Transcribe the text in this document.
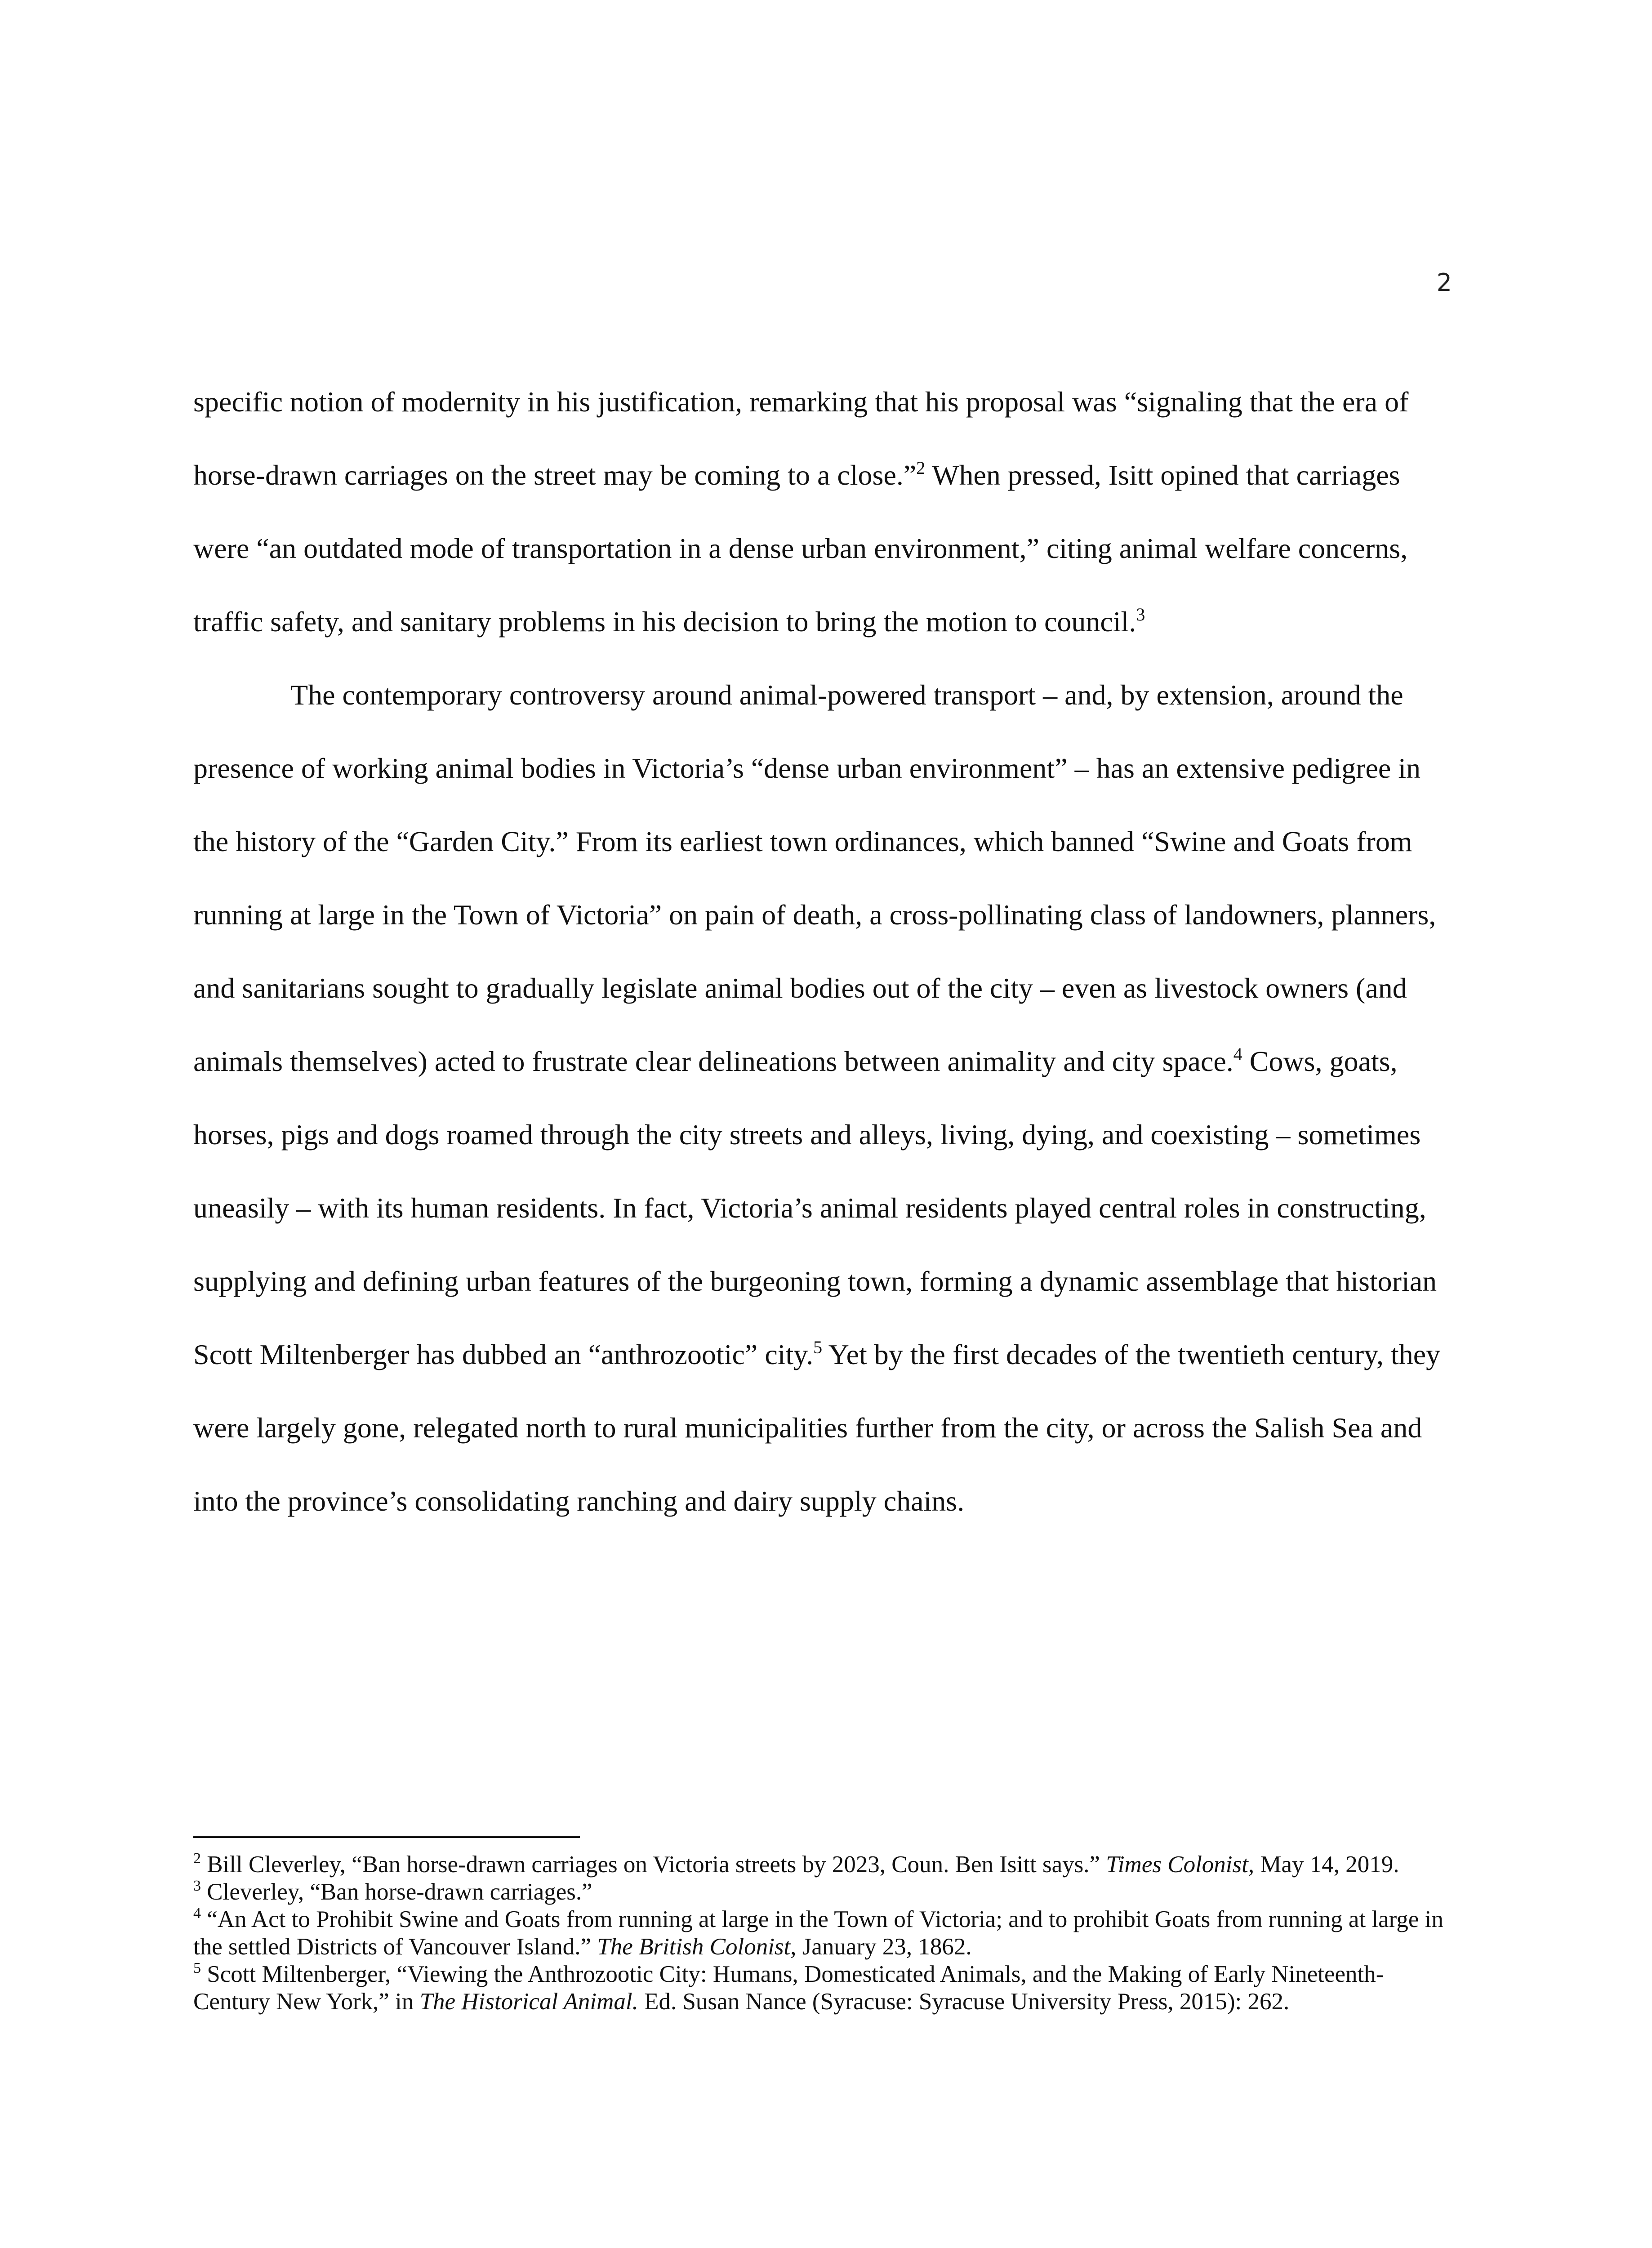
2

specific notion of modernity in his justification, remarking that his proposal was “signaling that the era of horse-drawn carriages on the street may be coming to a close.”$^2$ When pressed, Isitt opined that carriages were “an outdated mode of transportation in a dense urban environment,” citing animal welfare concerns, traffic safety, and sanitary problems in his decision to bring the motion to council.$^3$

The contemporary controversy around animal-powered transport – and, by extension, around the presence of working animal bodies in Victoria’s “dense urban environment” – has an extensive pedigree in the history of the “Garden City.” From its earliest town ordinances, which banned “Swine and Goats from running at large in the Town of Victoria” on pain of death, a cross-pollinating class of landowners, planners, and sanitarians sought to gradually legislate animal bodies out of the city – even as livestock owners (and animals themselves) acted to frustrate clear delineations between animality and city space.$^4$ Cows, goats, horses, pigs and dogs roamed through the city streets and alleys, living, dying, and coexisting – sometimes uneasily – with its human residents. In fact, Victoria’s animal residents played central roles in constructing, supplying and defining urban features of the burgeoning town, forming a dynamic assemblage that historian Scott Miltenberger has dubbed an “anthrozootic” city.$^5$ Yet by the first decades of the twentieth century, they were largely gone, relegated north to rural municipalities further from the city, or across the Salish Sea and into the province’s consolidating ranching and dairy supply chains.

$^2$ Bill Cleverley, “Ban horse-drawn carriages on Victoria streets by 2023, Coun. Ben Isitt says.” Times Colonist, May 14, 2019.

$^3$ Cleverley, “Ban horse-drawn carriages.”

$^4$ “An Act to Prohibit Swine and Goats from running at large in the Town of Victoria; and to prohibit Goats from running at large in the settled Districts of Vancouver Island.” The British Colonist, January 23, 1862.

$^5$ Scott Miltenberger, “Viewing the Anthrozootic City: Humans, Domesticated Animals, and the Making of Early Nineteenth-Century New York,” in The Historical Animal. Ed. Susan Nance (Syracuse: Syracuse University Press, 2015): 262.
